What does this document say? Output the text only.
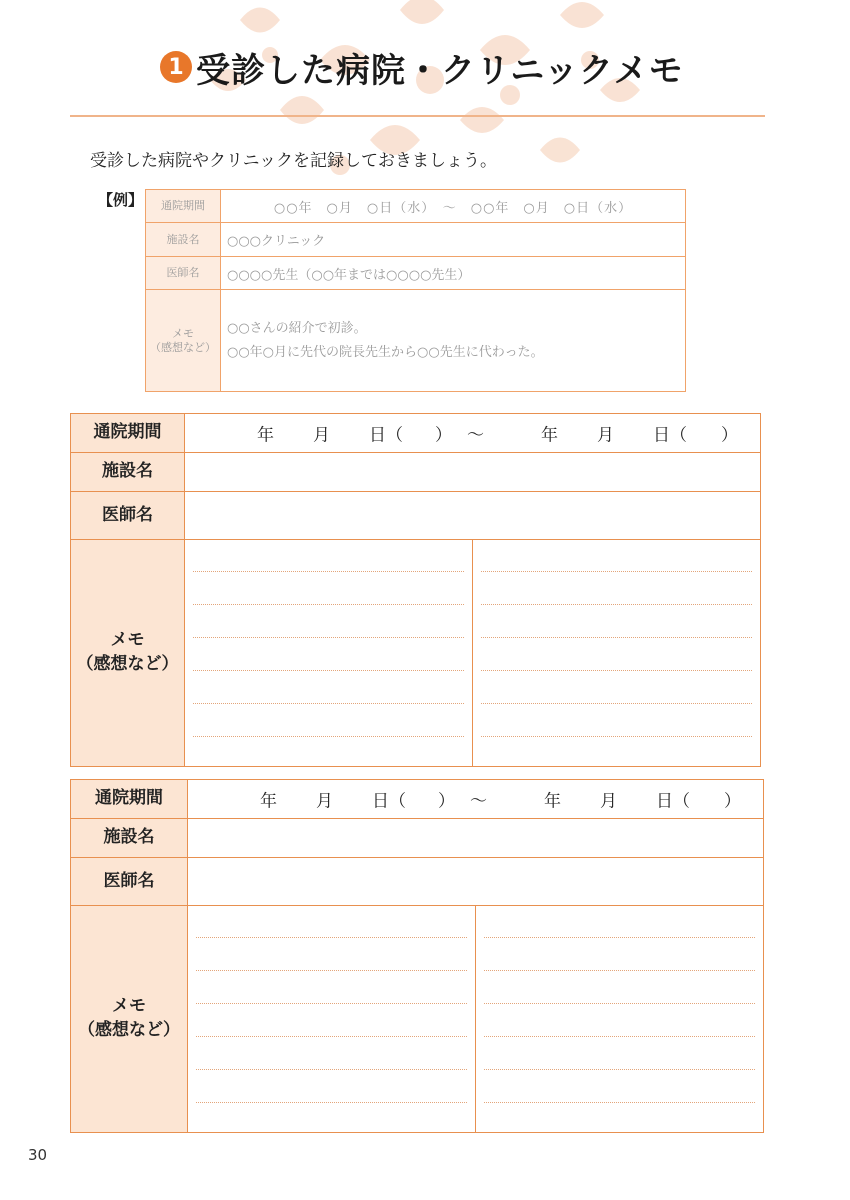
1 受診した病院・クリニックメモ
受診した病院やクリニックを記録しておきましょう。
【例】	通院期間	○○年　○月　○日（水）　～　○○年　○月　○日（水）
施設名	○○○クリニック
医師名	○○○○先生（○○年までは○○○○先生）
メモ
（感想など）
○○さんの紹介で初診。
○○年○月に先代の院長先生から○○先生に代わった。
通院期間	年 月 日（ ） ～	年 月 日（ ）
施設名
医師名
メモ
（感想など）
通院期間	年 月 日（ ） ～	年 月 日（ ）
施設名
医師名
メモ
（感想など）
30
